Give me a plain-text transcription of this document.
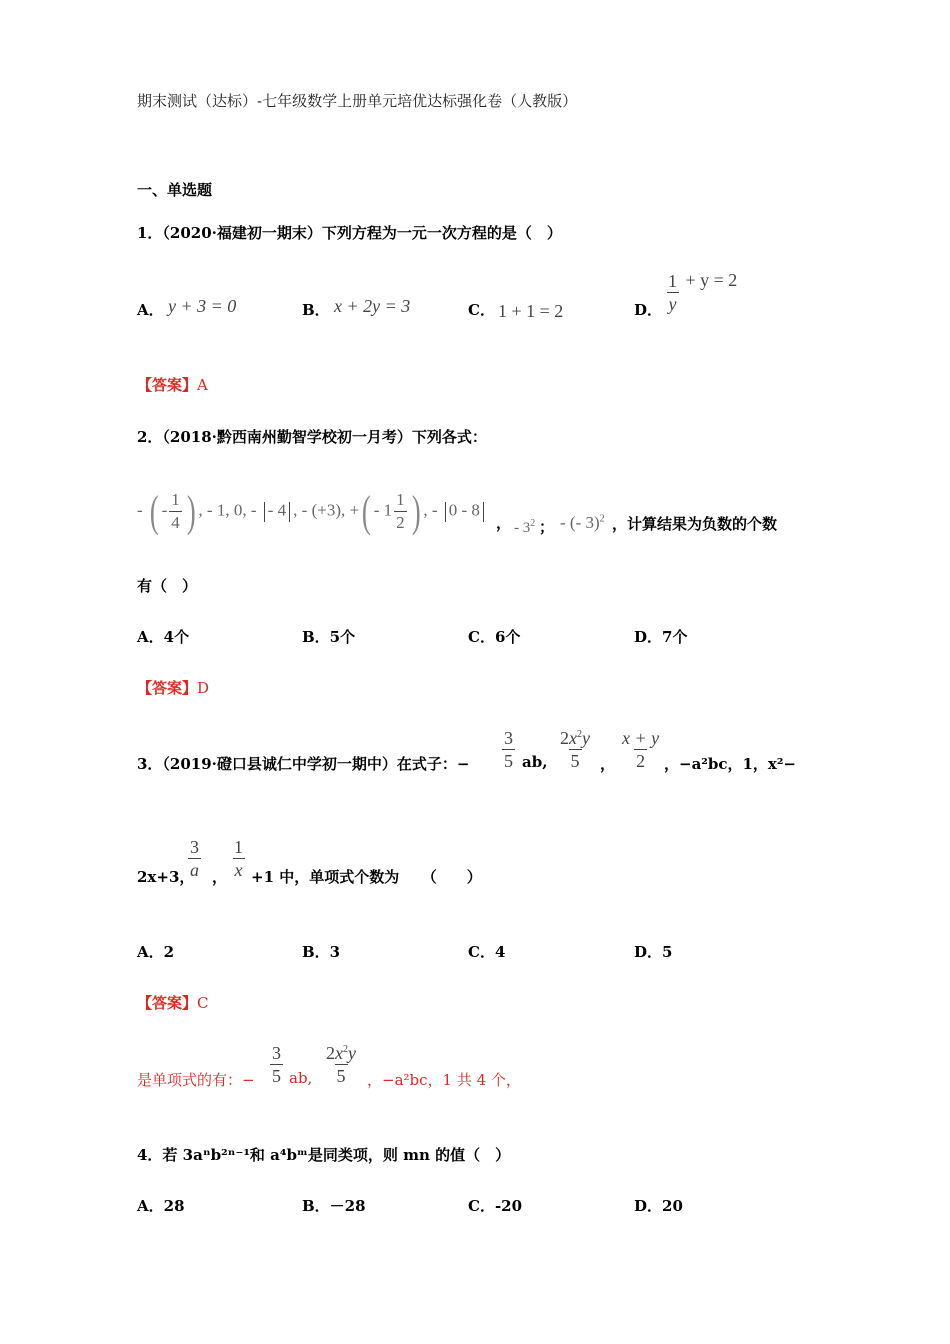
期末测试（达标）-七年级数学上册单元培优达标强化卷（人教版）
一、单选题
1．（2020·福建初一期末）下列方程为一元一次方程的是（　）
A． y + 3 = 0	B． x + 2y = 3	C． 1 + 1 = 2	D． $\frac{1}{y} + y = 2$
【答案】A
2．（2018·黔西南州勤智学校初一月考）下列各式：
- ( - $\frac{1}{4}$ ) , - 1, 0, - - 4 , - (+3), +( - $1 \frac{1}{2}$ ) , - 0 - 8
， - $3^2$ ； - (- 3)$^2$ ，计算结果为负数的个数
有（　）
A．4个	B．5个	C．6个	D．7个
【答案】D
3．（2019·磴口县诚仁中学初一期中）在式子：− $\frac{3}{5}$ ab, $\frac{2x^2y}{5}$ ， $\frac{x + y}{2}$ ，−a²bc，1，x²−
2x+3，
$\frac{3}{a}$ ， $\frac{1}{x} +1$ 中，单项式个数为　　（　　）
A．2	B．3	C．4	D．5
【答案】C
是单项式的有：− $\frac{3}{5}$ ab, $\frac{2x^2y}{5}$ ，−a²bc，1 共 4 个，
4．若 3aⁿb²ⁿ⁻¹和 a⁴bᵐ是同类项，则 mn 的值（　）
A．28	B．－28	C．-20	D．20
